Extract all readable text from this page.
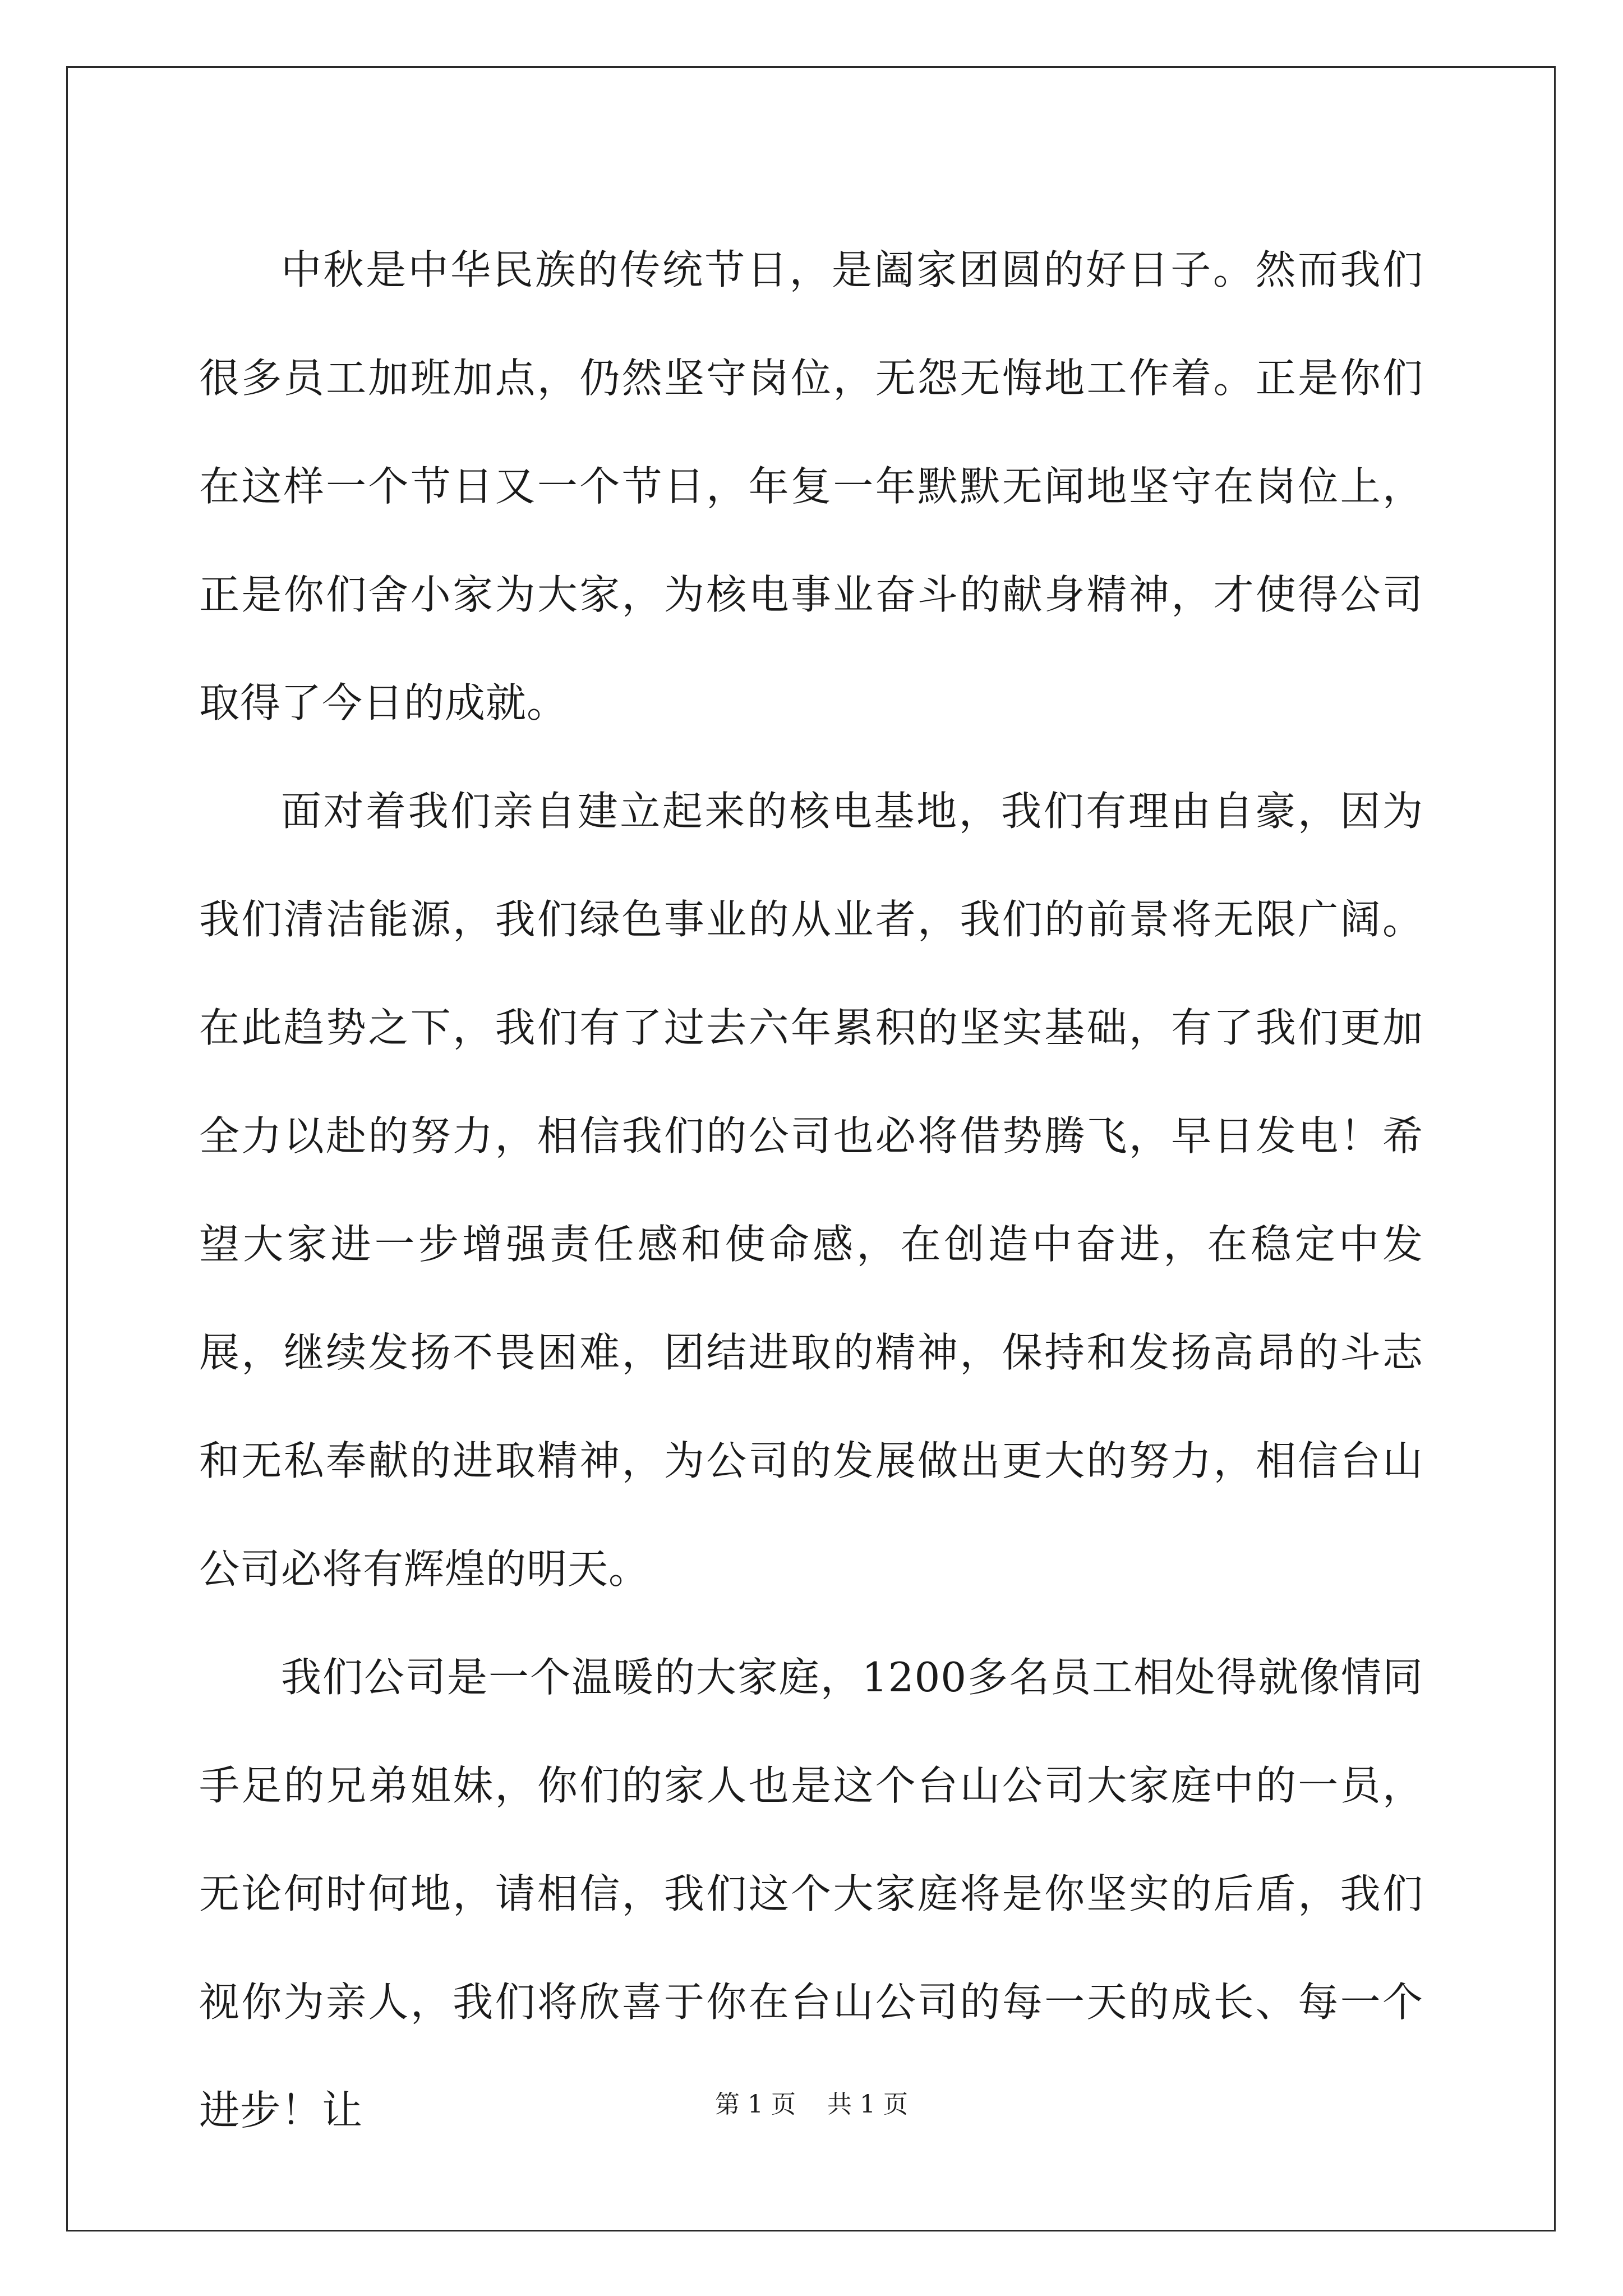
中秋是中华民族的传统节日，是阖家团圆的好日子。然而我们很多员工加班加点，仍然坚守岗位，无怨无悔地工作着。正是你们在这样一个节日又一个节日，年复一年默默无闻地坚守在岗位上，正是你们舍小家为大家，为核电事业奋斗的献身精神，才使得公司取得了今日的成就。

面对着我们亲自建立起来的核电基地，我们有理由自豪，因为我们清洁能源，我们绿色事业的从业者，我们的前景将无限广阔。在此趋势之下，我们有了过去六年累积的坚实基础，有了我们更加全力以赴的努力，相信我们的公司也必将借势腾飞，早日发电！希望大家进一步增强责任感和使命感，在创造中奋进，在稳定中发展，继续发扬不畏困难，团结进取的精神，保持和发扬高昂的斗志和无私奉献的进取精神，为公司的发展做出更大的努力，相信台山公司必将有辉煌的明天。

我们公司是一个温暖的大家庭，1200多名员工相处得就像情同手足的兄弟姐妹，你们的家人也是这个台山公司大家庭中的一员，无论何时何地，请相信，我们这个大家庭将是你坚实的后盾，我们视你为亲人，我们将欣喜于你在台山公司的每一天的成长、每一个进步！让	第 1 页 共 1 页
